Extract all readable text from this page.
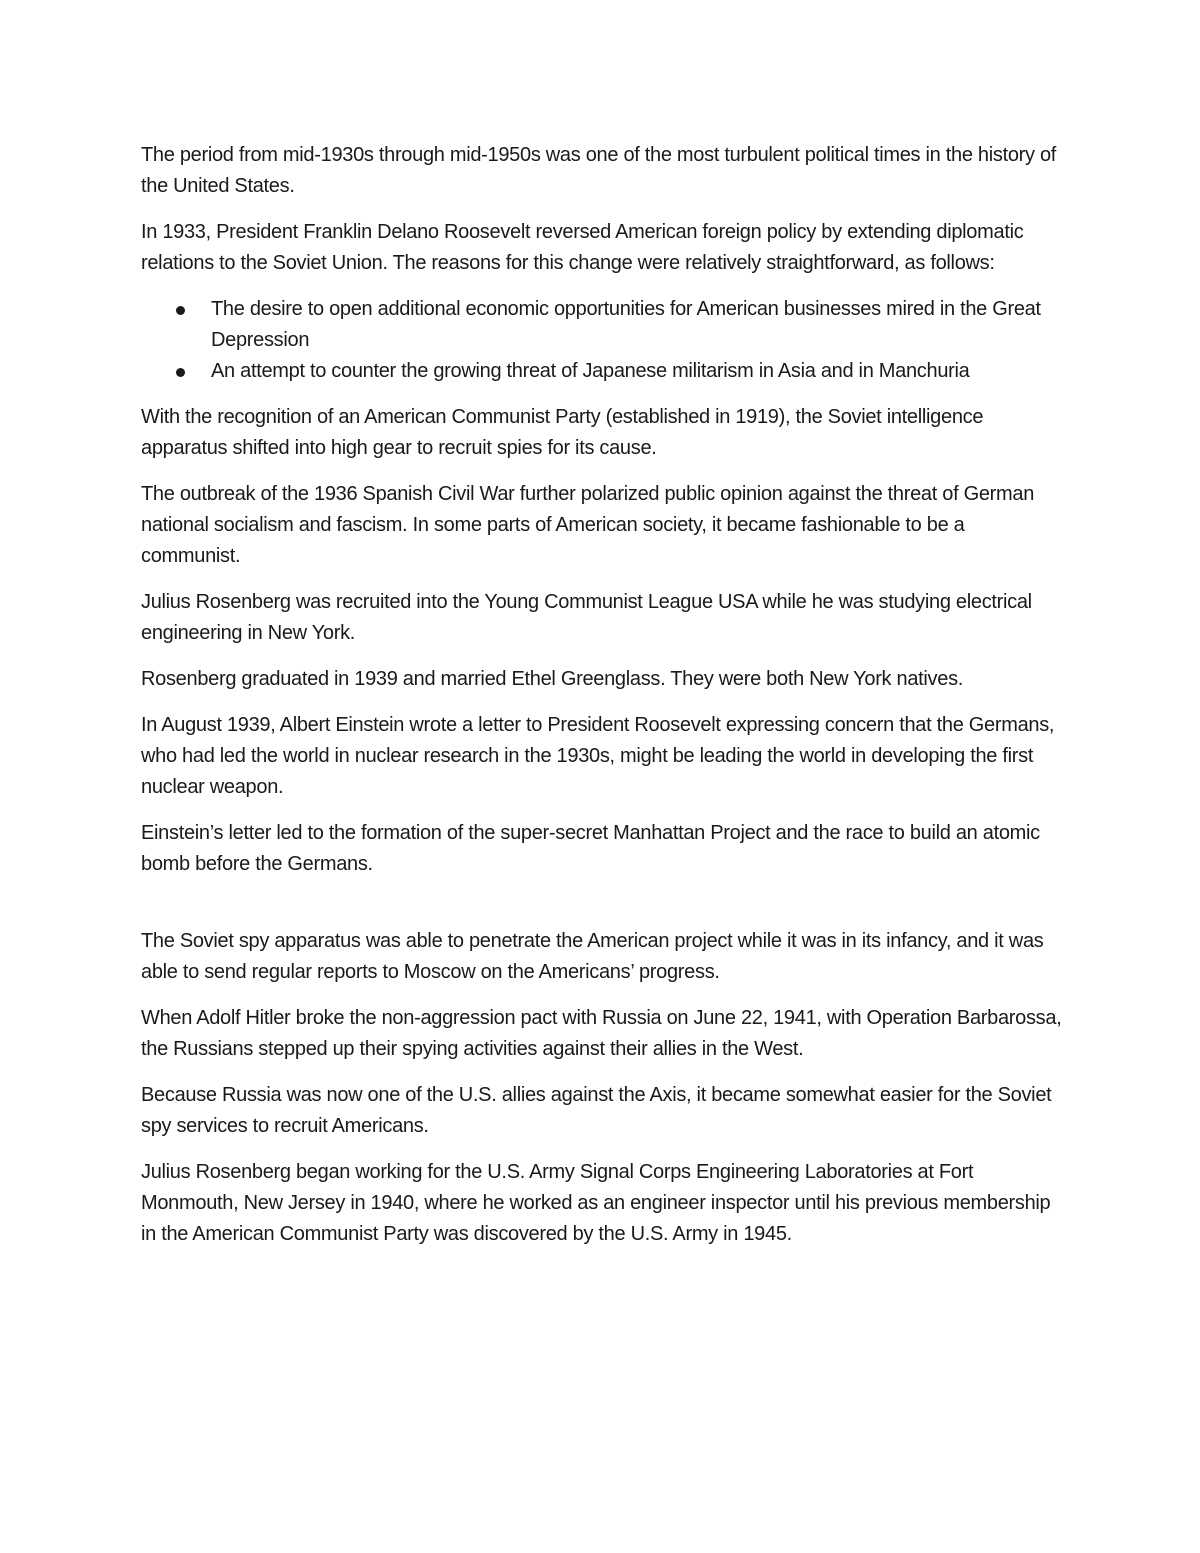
The period from mid-1930s through mid-1950s was one of the most turbulent political times in the history of the United States.

In 1933, President Franklin Delano Roosevelt reversed American foreign policy by extending diplomatic relations to the Soviet Union. The reasons for this change were relatively straightforward, as follows:

The desire to open additional economic opportunities for American businesses mired in the Great Depression
An attempt to counter the growing threat of Japanese militarism in Asia and in Manchuria

With the recognition of an American Communist Party (established in 1919), the Soviet intelligence apparatus shifted into high gear to recruit spies for its cause.

The outbreak of the 1936 Spanish Civil War further polarized public opinion against the threat of German national socialism and fascism. In some parts of American society, it became fashionable to be a communist.

Julius Rosenberg was recruited into the Young Communist League USA while he was studying electrical engineering in New York.

Rosenberg graduated in 1939 and married Ethel Greenglass. They were both New York natives.

In August 1939, Albert Einstein wrote a letter to President Roosevelt expressing concern that the Germans, who had led the world in nuclear research in the 1930s, might be leading the world in developing the first nuclear weapon.

Einstein’s letter led to the formation of the super-secret Manhattan Project and the race to build an atomic bomb before the Germans.

The Soviet spy apparatus was able to penetrate the American project while it was in its infancy, and it was able to send regular reports to Moscow on the Americans’ progress.

When Adolf Hitler broke the non-aggression pact with Russia on June 22, 1941, with Operation Barbarossa, the Russians stepped up their spying activities against their allies in the West.

Because Russia was now one of the U.S. allies against the Axis, it became somewhat easier for the Soviet spy services to recruit Americans.

Julius Rosenberg began working for the U.S. Army Signal Corps Engineering Laboratories at Fort Monmouth, New Jersey in 1940, where he worked as an engineer inspector until his previous membership in the American Communist Party was discovered by the U.S. Army in 1945.
